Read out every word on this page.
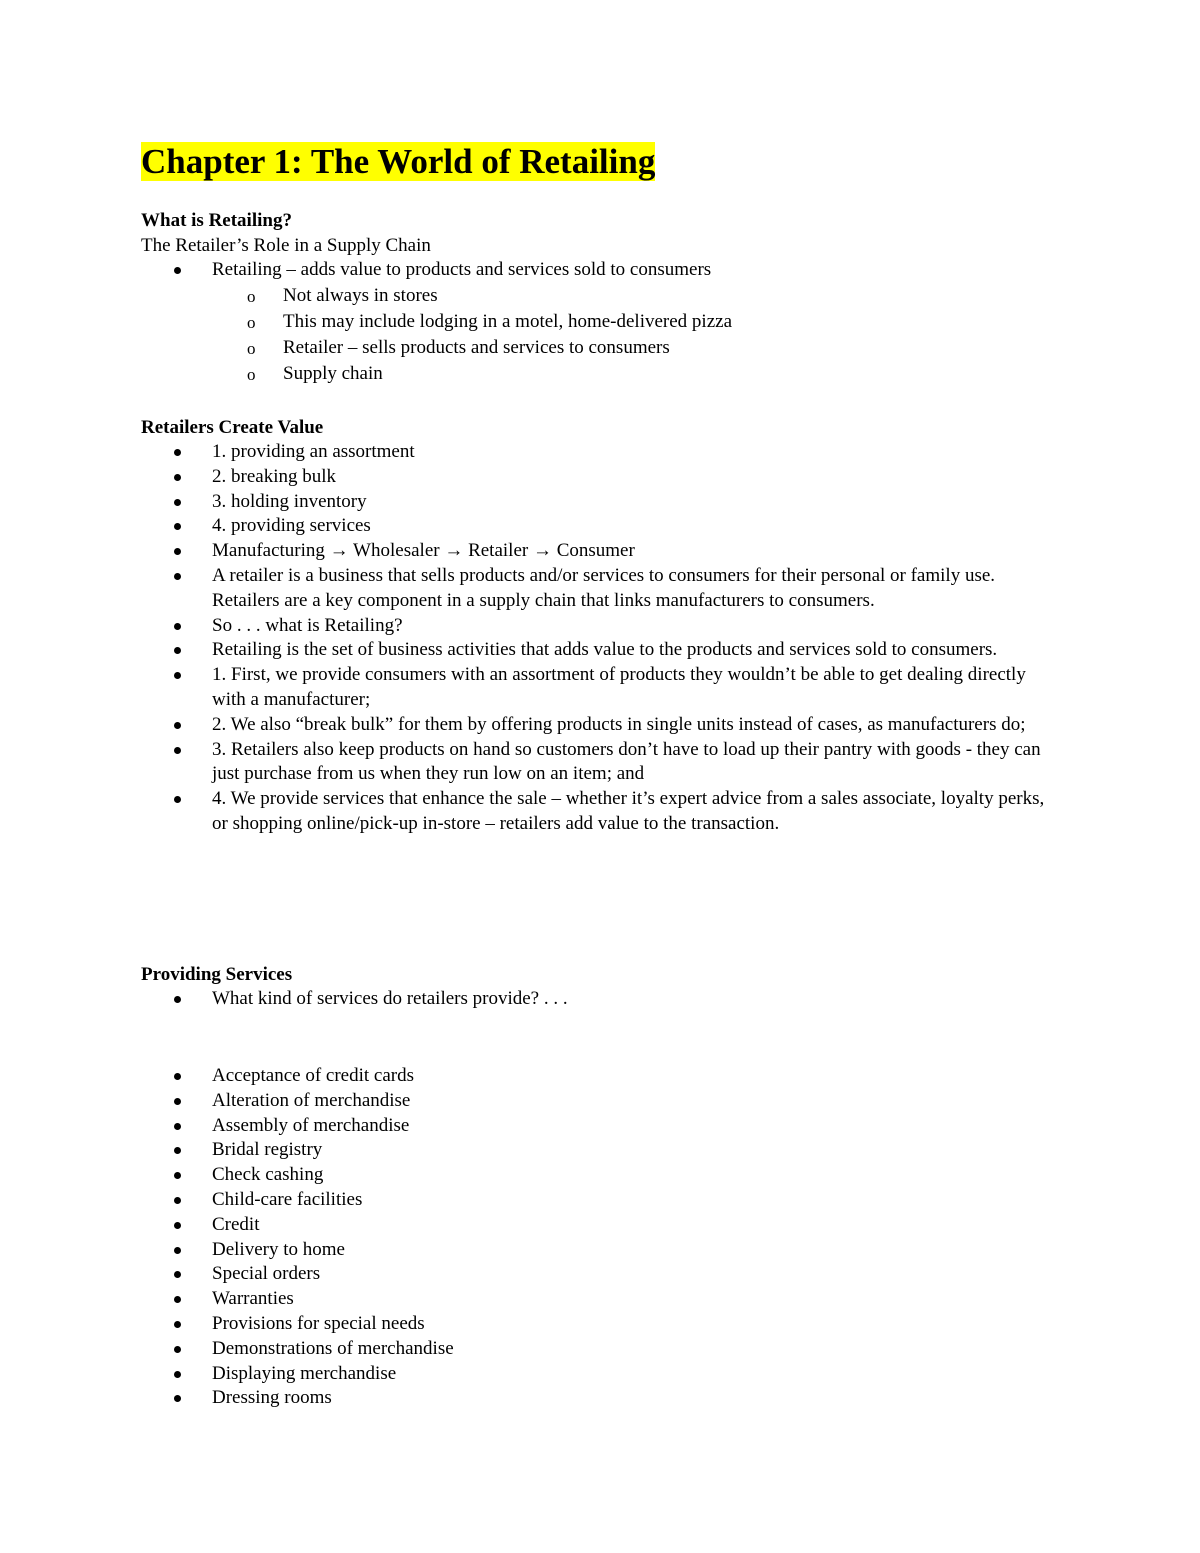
Chapter 1: The World of Retailing

What is Retailing?

The Retailer’s Role in a Supply Chain

Retailing – adds value to products and services sold to consumers
o Not always in stores
o This may include lodging in a motel, home-delivered pizza
o Retailer – sells products and services to consumers
o Supply chain

Retailers Create Value

1. providing an assortment
2. breaking bulk
3. holding inventory
4. providing services
Manufacturing → Wholesaler → Retailer → Consumer
A retailer is a business that sells products and/or services to consumers for their personal or family use. Retailers are a key component in a supply chain that links manufacturers to consumers.
So . . . what is Retailing?
Retailing is the set of business activities that adds value to the products and services sold to consumers.
1. First, we provide consumers with an assortment of products they wouldn’t be able to get dealing directly with a manufacturer;
2. We also “break bulk” for them by offering products in single units instead of cases, as manufacturers do;
3. Retailers also keep products on hand so customers don’t have to load up their pantry with goods - they can just purchase from us when they run low on an item; and
4. We provide services that enhance the sale – whether it’s expert advice from a sales associate, loyalty perks, or shopping online/pick-up in-store – retailers add value to the transaction.

Providing Services

What kind of services do retailers provide? . . .
Acceptance of credit cards
Alteration of merchandise
Assembly of merchandise
Bridal registry
Check cashing
Child-care facilities
Credit
Delivery to home
Special orders
Warranties
Provisions for special needs
Demonstrations of merchandise
Displaying merchandise
Dressing rooms
